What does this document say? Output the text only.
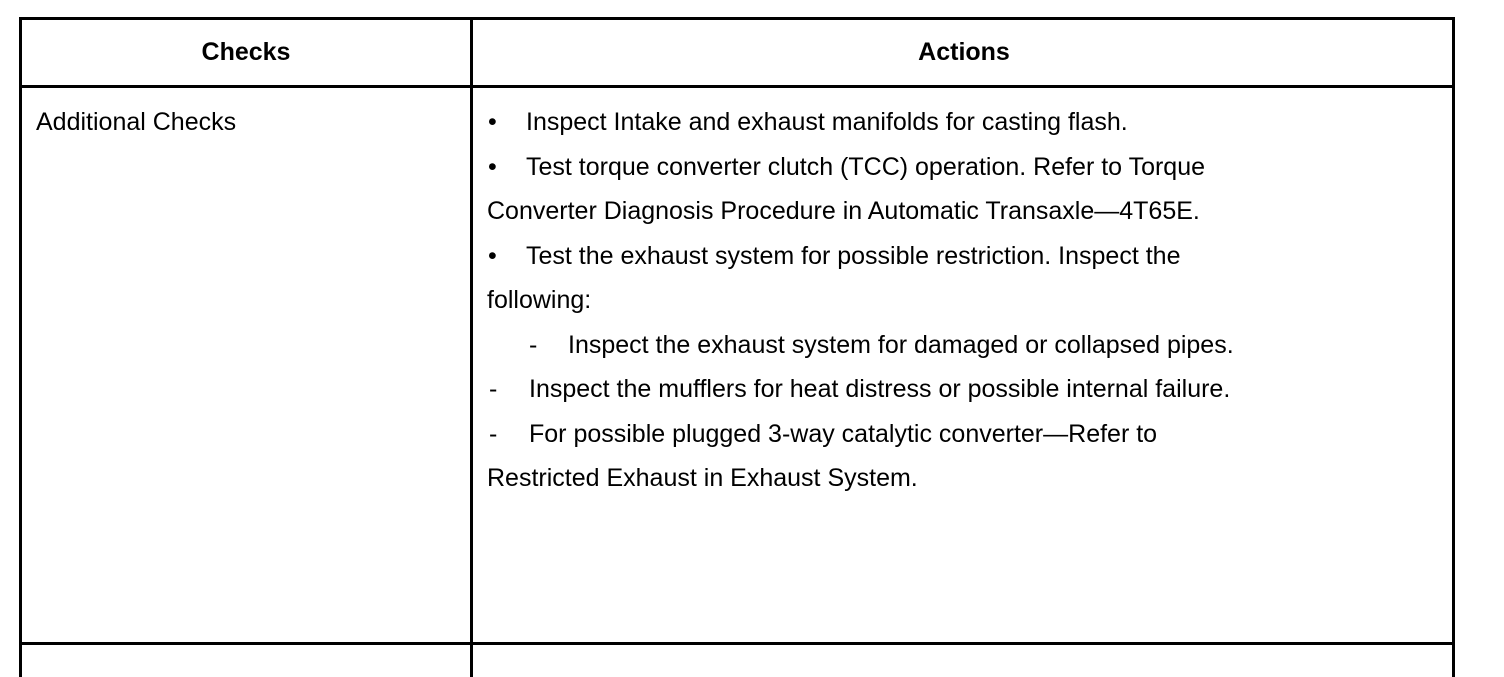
Checks	Actions
Additional Checks	• Inspect Intake and exhaust manifolds for casting flash.
• Test torque converter clutch (TCC) operation. Refer to Torque
Converter Diagnosis Procedure in Automatic Transaxle—4T65E.
• Test the exhaust system for possible restriction. Inspect the
following:
- Inspect the exhaust system for damaged or collapsed pipes.
- Inspect the mufflers for heat distress or possible internal failure.
- For possible plugged 3-way catalytic converter—Refer to
Restricted Exhaust in Exhaust System.
